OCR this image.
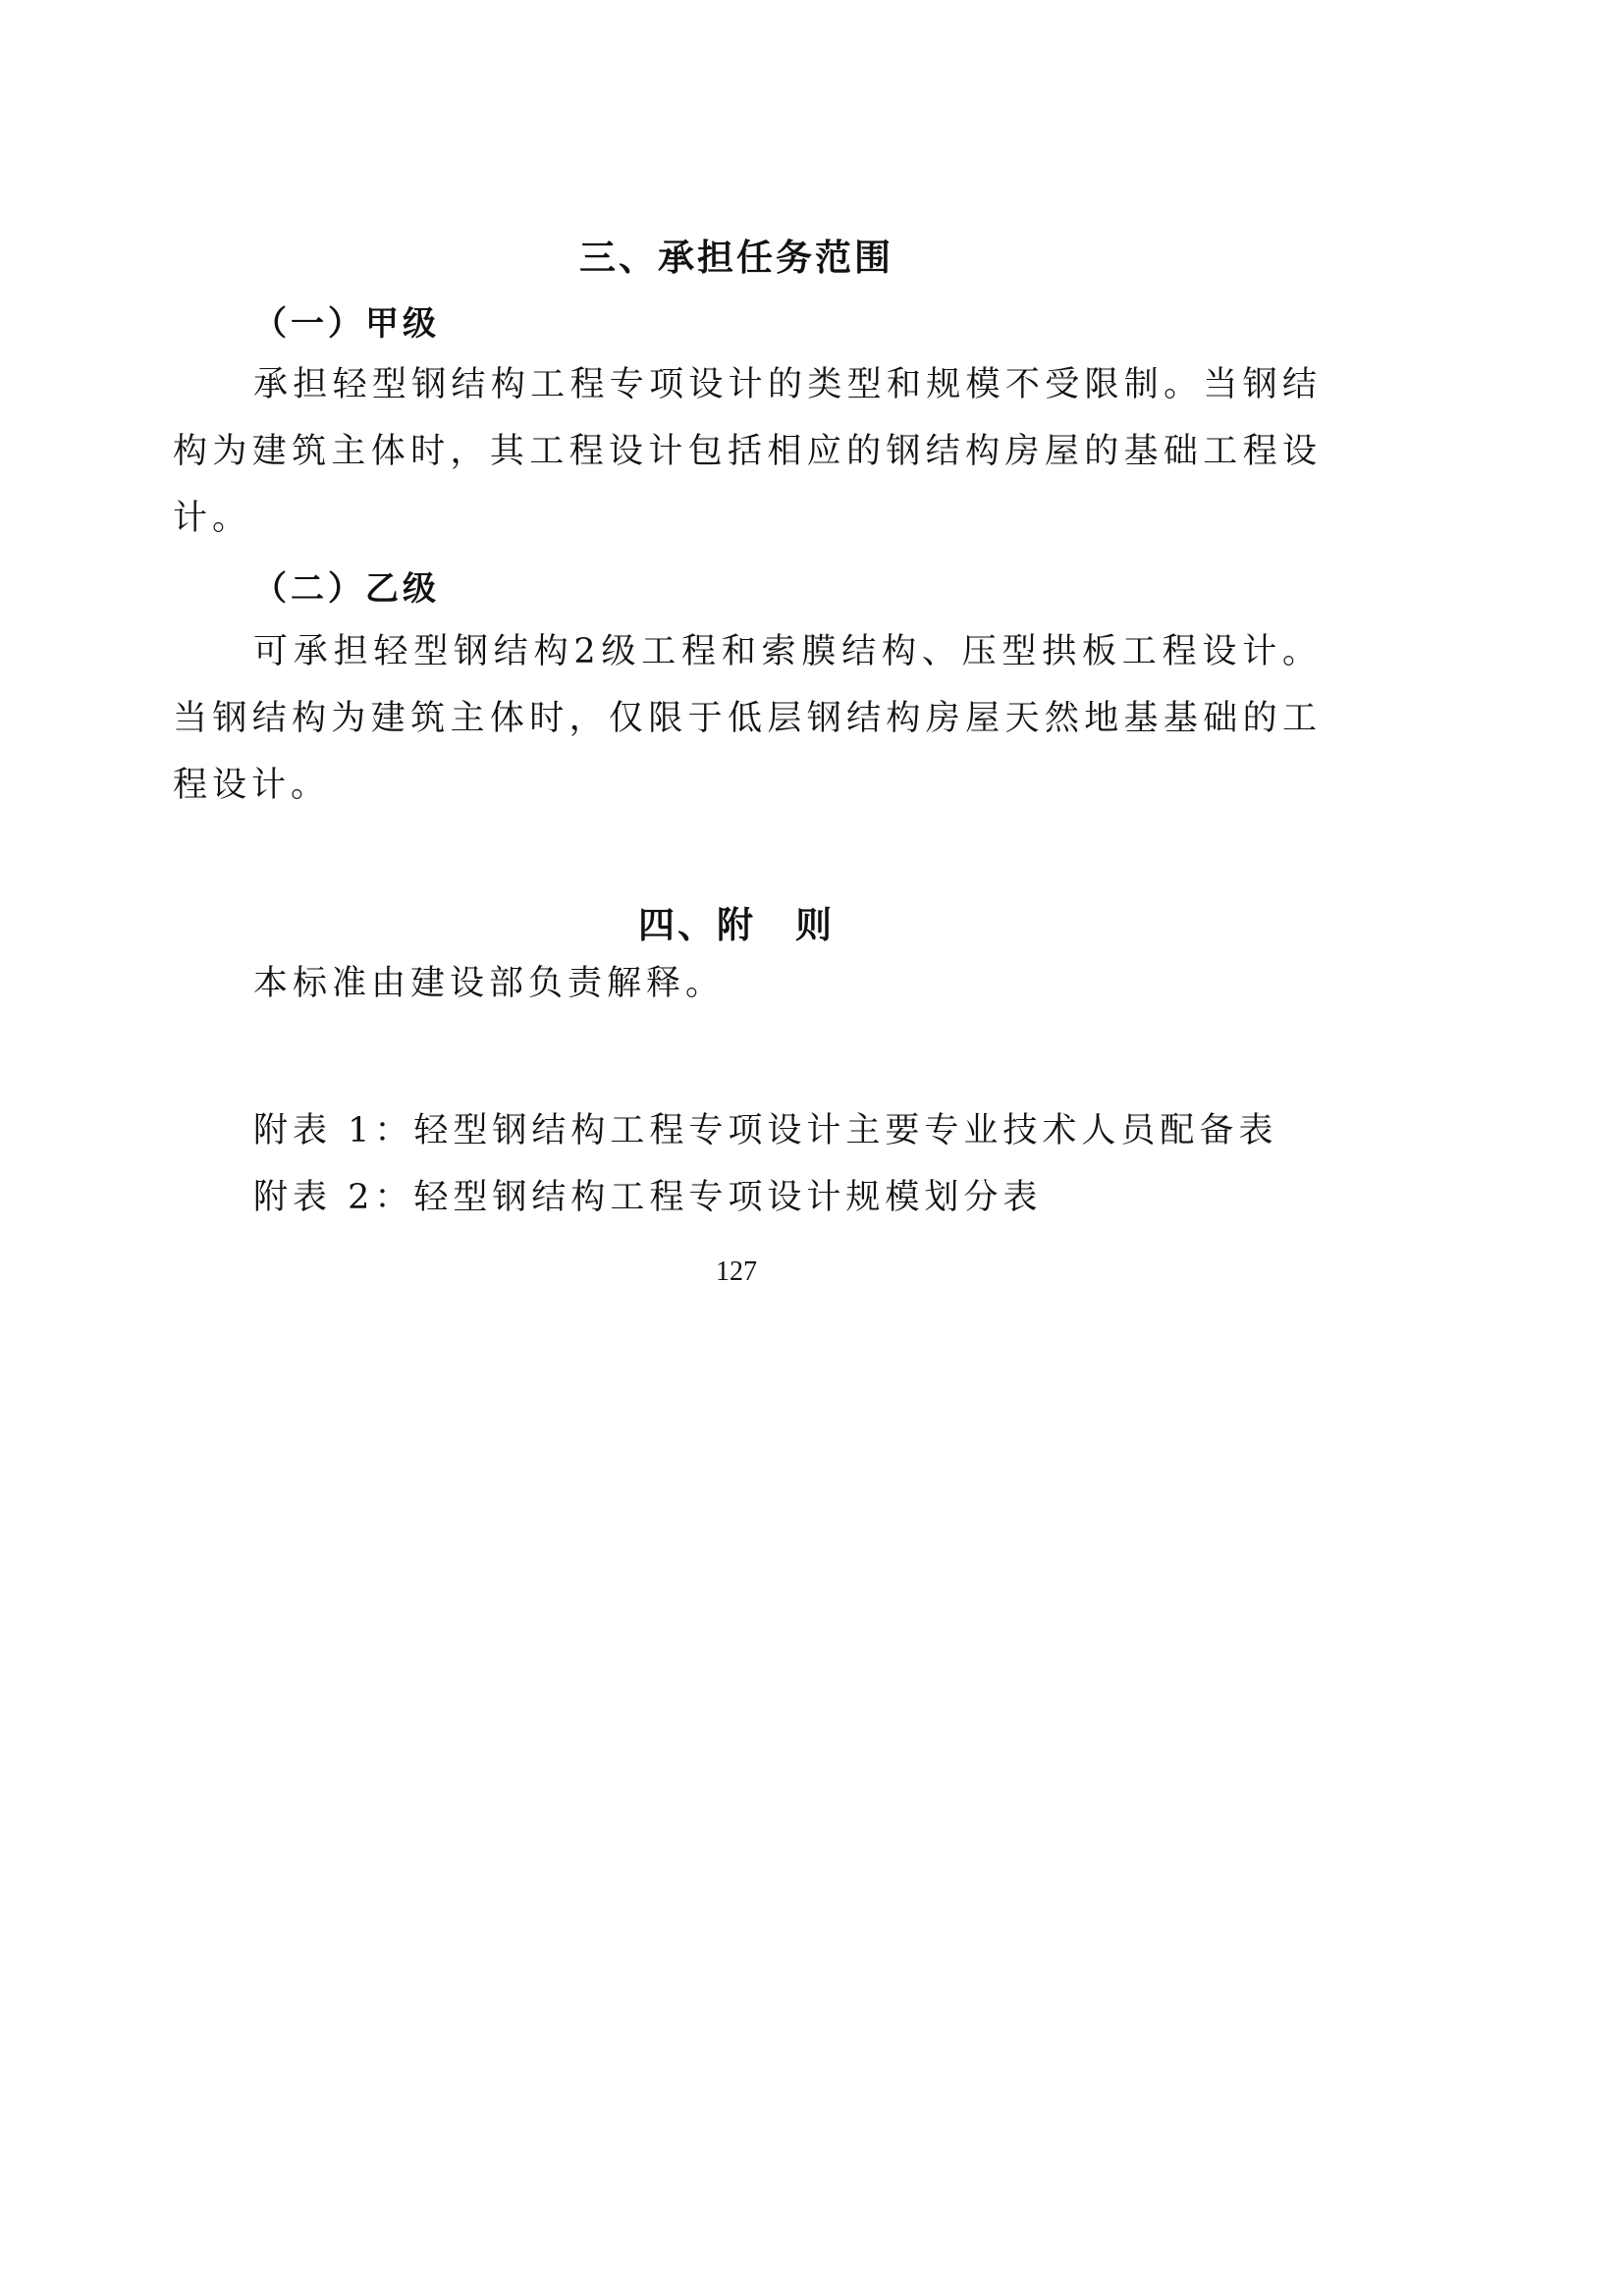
三、承担任务范围
（一）甲级

承担轻型钢结构工程专项设计的类型和规模不受限制。当钢结构为建筑主体时，其工程设计包括相应的钢结构房屋的基础工程设计。

（二）乙级

可承担轻型钢结构2级工程和索膜结构、压型拱板工程设计。当钢结构为建筑主体时，仅限于低层钢结构房屋天然地基基础的工程设计。

四、附　则

本标准由建设部负责解释。

附表 1：轻型钢结构工程专项设计主要专业技术人员配备表

附表 2：轻型钢结构工程专项设计规模划分表

127
